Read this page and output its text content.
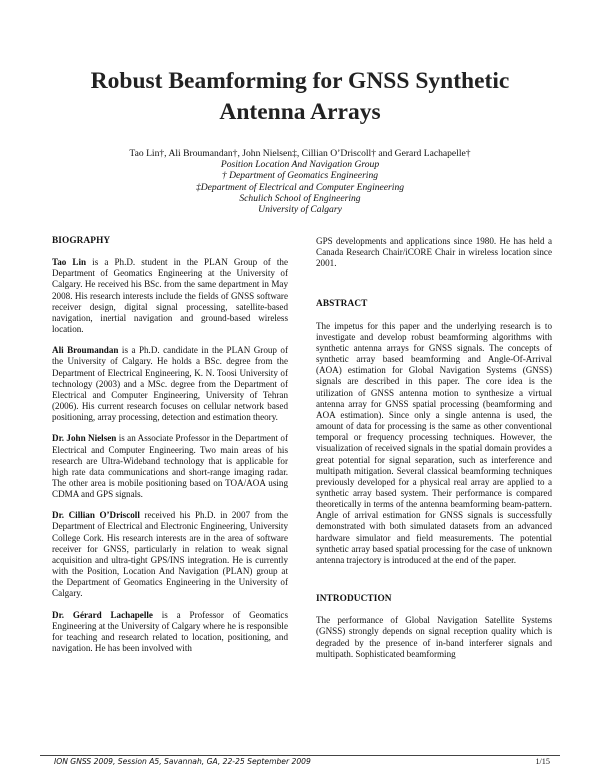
Robust Beamforming for GNSS Synthetic
Antenna Arrays
Tao Lin†, Ali Broumandan†, John Nielsen‡, Cillian O’Driscoll† and Gerard Lachapelle†
Position Location And Navigation Group
† Department of Geomatics Engineering
‡Department of Electrical and Computer Engineering
Schulich School of Engineering
University of Calgary
BIOGRAPHY

Tao Lin is a Ph.D. student in the PLAN Group of the Department of Geomatics Engineering at the University of Calgary. He received his BSc. from the same department in May 2008. His research interests include the fields of GNSS software receiver design, digital signal processing, satellite-based navigation, inertial navigation and ground-based wireless location.

Ali Broumandan is a Ph.D. candidate in the PLAN Group of the University of Calgary. He holds a BSc. degree from the Department of Electrical Engineering, K. N. Toosi University of technology (2003) and a MSc. degree from the Department of Electrical and Computer Engineering, University of Tehran (2006). His current research focuses on cellular network based positioning, array processing, detection and estimation theory.

Dr. John Nielsen is an Associate Professor in the Department of Electrical and Computer Engineering. Two main areas of his research are Ultra-Wideband technology that is applicable for high rate data communications and short-range imaging radar. The other area is mobile positioning based on TOA/AOA using CDMA and GPS signals.

Dr. Cillian O’Driscoll received his Ph.D. in 2007 from the Department of Electrical and Electronic Engineering, University College Cork. His research interests are in the area of software receiver for GNSS, particularly in relation to weak signal acquisition and ultra-tight GPS/INS integration. He is currently with the Position, Location And Navigation (PLAN) group at the Department of Geomatics Engineering in the University of Calgary.

Dr. Gérard Lachapelle is a Professor of Geomatics Engineering at the University of Calgary where he is responsible for teaching and research related to location, positioning, and navigation. He has been involved with

GPS developments and applications since 1980. He has held a Canada Research Chair/iCORE Chair in wireless location since 2001.

ABSTRACT

The impetus for this paper and the underlying research is to investigate and develop robust beamforming algorithms with synthetic antenna arrays for GNSS signals. The concepts of synthetic array based beamforming and Angle-Of-Arrival (AOA) estimation for Global Navigation Systems (GNSS) signals are described in this paper. The core idea is the utilization of GNSS antenna motion to synthesize a virtual antenna array for GNSS spatial processing (beamforming and AOA estimation). Since only a single antenna is used, the amount of data for processing is the same as other conventional temporal or frequency processing techniques. However, the visualization of received signals in the spatial domain provides a great potential for signal separation, such as interference and multipath mitigation. Several classical beamforming techniques previously developed for a physical real array are applied to a synthetic array based system. Their performance is compared theoretically in terms of the antenna beamforming beam-pattern. Angle of arrival estimation for GNSS signals is successfully demonstrated with both simulated datasets from an advanced hardware simulator and field measurements. The potential synthetic array based spatial processing for the case of unknown antenna trajectory is introduced at the end of the paper.

INTRODUCTION

The performance of Global Navigation Satellite Systems (GNSS) strongly depends on signal reception quality which is degraded by the presence of in-band interferer signals and multipath. Sophisticated beamforming

ION GNSS 2009, Session A5, Savannah, GA, 22-25 September 2009	1/15
